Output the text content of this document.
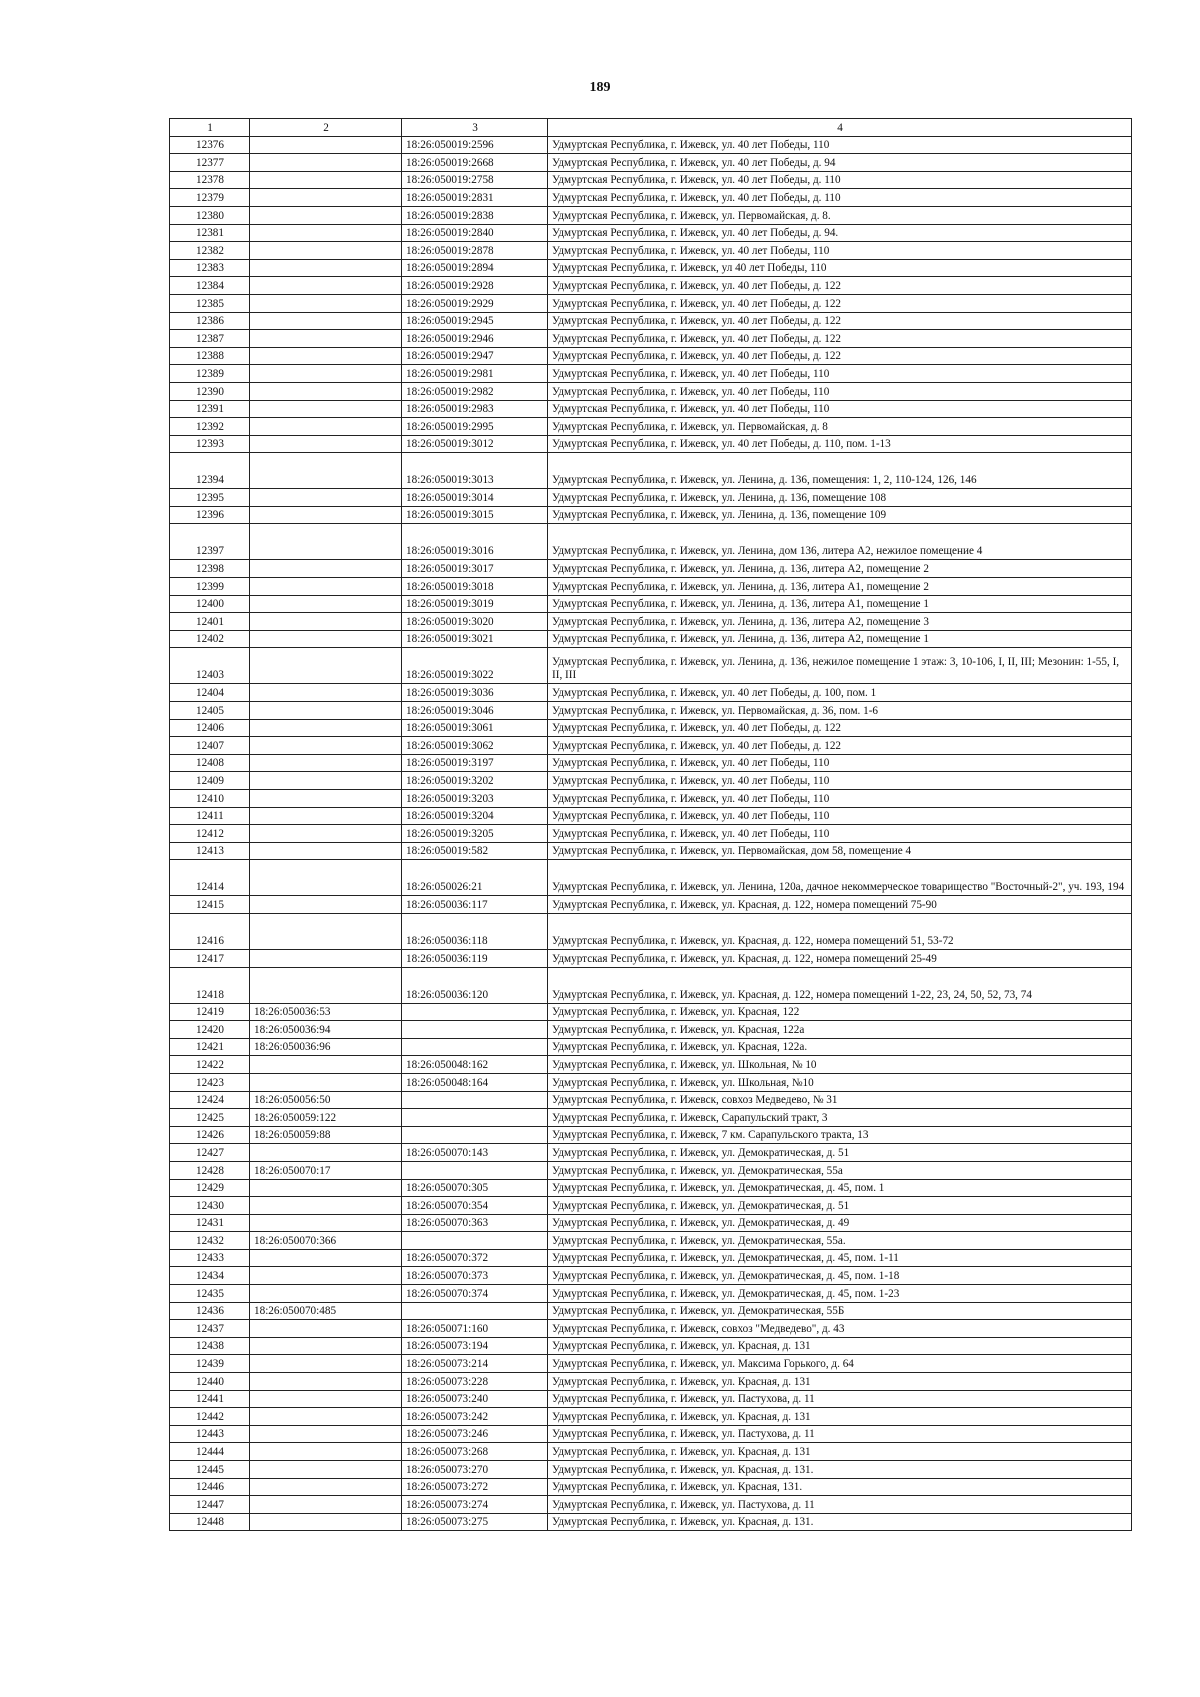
189
1	2	3	4
12376		18:26:050019:2596	Удмуртская Республика, г. Ижевск, ул. 40 лет Победы, 110
12377		18:26:050019:2668	Удмуртская Республика, г. Ижевск, ул. 40 лет Победы, д. 94
12378		18:26:050019:2758	Удмуртская Республика, г. Ижевск, ул. 40 лет Победы, д. 110
12379		18:26:050019:2831	Удмуртская Республика, г. Ижевск, ул. 40 лет Победы, д. 110
12380		18:26:050019:2838	Удмуртская Республика, г. Ижевск, ул. Первомайская, д. 8.
12381		18:26:050019:2840	Удмуртская Республика, г. Ижевск, ул. 40 лет Победы, д. 94.
12382		18:26:050019:2878	Удмуртская Республика, г. Ижевск, ул. 40 лет Победы, 110
12383		18:26:050019:2894	Удмуртская Республика, г. Ижевск, ул 40 лет Победы, 110
12384		18:26:050019:2928	Удмуртская Республика, г. Ижевск, ул. 40 лет Победы, д. 122
12385		18:26:050019:2929	Удмуртская Республика, г. Ижевск, ул. 40 лет Победы, д. 122
12386		18:26:050019:2945	Удмуртская Республика, г. Ижевск, ул. 40 лет Победы, д. 122
12387		18:26:050019:2946	Удмуртская Республика, г. Ижевск, ул. 40 лет Победы, д. 122
12388		18:26:050019:2947	Удмуртская Республика, г. Ижевск, ул. 40 лет Победы, д. 122
12389		18:26:050019:2981	Удмуртская Республика, г. Ижевск, ул. 40 лет Победы, 110
12390		18:26:050019:2982	Удмуртская Республика, г. Ижевск, ул. 40 лет Победы, 110
12391		18:26:050019:2983	Удмуртская Республика, г. Ижевск, ул. 40 лет Победы, 110
12392		18:26:050019:2995	Удмуртская Республика, г. Ижевск, ул. Первомайская, д. 8
12393		18:26:050019:3012	Удмуртская Республика, г. Ижевск, ул. 40 лет Победы, д. 110, пом. 1-13
12394		18:26:050019:3013	Удмуртская Республика, г. Ижевск, ул. Ленина, д. 136, помещения: 1, 2, 110-124, 126, 146
12395		18:26:050019:3014	Удмуртская Республика, г. Ижевск, ул. Ленина, д. 136, помещение 108
12396		18:26:050019:3015	Удмуртская Республика, г. Ижевск, ул. Ленина, д. 136, помещение 109
12397		18:26:050019:3016	Удмуртская Республика, г. Ижевск, ул. Ленина, дом 136, литера А2, нежилое помещение 4
12398		18:26:050019:3017	Удмуртская Республика, г. Ижевск, ул. Ленина, д. 136, литера А2, помещение 2
12399		18:26:050019:3018	Удмуртская Республика, г. Ижевск, ул. Ленина, д. 136, литера А1, помещение 2
12400		18:26:050019:3019	Удмуртская Республика, г. Ижевск, ул. Ленина, д. 136, литера А1, помещение 1
12401		18:26:050019:3020	Удмуртская Республика, г. Ижевск, ул. Ленина, д. 136, литера А2, помещение 3
12402		18:26:050019:3021	Удмуртская Республика, г. Ижевск, ул. Ленина, д. 136, литера А2, помещение 1
12403		18:26:050019:3022	Удмуртская Республика, г. Ижевск, ул. Ленина, д. 136, нежилое помещение 1 этаж: 3, 10-106, I, II, III; Мезонин: 1-55, I, II, III
12404		18:26:050019:3036	Удмуртская Республика, г. Ижевск, ул. 40 лет Победы, д. 100, пом. 1
12405		18:26:050019:3046	Удмуртская Республика, г. Ижевск, ул. Первомайская, д. 36, пом. 1-6
12406		18:26:050019:3061	Удмуртская Республика, г. Ижевск, ул. 40 лет Победы, д. 122
12407		18:26:050019:3062	Удмуртская Республика, г. Ижевск, ул. 40 лет Победы, д. 122
12408		18:26:050019:3197	Удмуртская Республика, г. Ижевск, ул. 40 лет Победы, 110
12409		18:26:050019:3202	Удмуртская Республика, г. Ижевск, ул. 40 лет Победы, 110
12410		18:26:050019:3203	Удмуртская Республика, г. Ижевск, ул. 40 лет Победы, 110
12411		18:26:050019:3204	Удмуртская Республика, г. Ижевск, ул. 40 лет Победы, 110
12412		18:26:050019:3205	Удмуртская Республика, г. Ижевск, ул. 40 лет Победы, 110
12413		18:26:050019:582	Удмуртская Республика, г. Ижевск, ул. Первомайская, дом 58, помещение 4
12414		18:26:050026:21	Удмуртская Республика, г. Ижевск, ул. Ленина, 120а, дачное некоммерческое товарищество "Восточный-2", уч. 193, 194
12415		18:26:050036:117	Удмуртская Республика, г. Ижевск, ул. Красная, д. 122, номера помещений 75-90
12416		18:26:050036:118	Удмуртская Республика, г. Ижевск, ул. Красная, д. 122, номера помещений 51, 53-72
12417		18:26:050036:119	Удмуртская Республика, г. Ижевск, ул. Красная, д. 122, номера помещений 25-49
12418		18:26:050036:120	Удмуртская Республика, г. Ижевск, ул. Красная, д. 122, номера помещений 1-22, 23, 24, 50, 52, 73, 74
12419	18:26:050036:53		Удмуртская Республика, г. Ижевск, ул. Красная, 122
12420	18:26:050036:94		Удмуртская Республика, г. Ижевск, ул. Красная, 122а
12421	18:26:050036:96		Удмуртская Республика, г. Ижевск, ул. Красная, 122а.
12422		18:26:050048:162	Удмуртская Республика, г. Ижевск, ул. Школьная, № 10
12423		18:26:050048:164	Удмуртская Республика, г. Ижевск, ул. Школьная, №10
12424	18:26:050056:50		Удмуртская Республика, г. Ижевск, совхоз Медведево, № 31
12425	18:26:050059:122		Удмуртская Республика, г. Ижевск, Сарапульский тракт, 3
12426	18:26:050059:88		Удмуртская Республика, г. Ижевск, 7 км. Сарапульского тракта, 13
12427		18:26:050070:143	Удмуртская Республика, г. Ижевск, ул. Демократическая, д. 51
12428	18:26:050070:17		Удмуртская Республика, г. Ижевск, ул. Демократическая, 55а
12429		18:26:050070:305	Удмуртская Республика, г. Ижевск, ул. Демократическая, д. 45, пом. 1
12430		18:26:050070:354	Удмуртская Республика, г. Ижевск, ул. Демократическая, д. 51
12431		18:26:050070:363	Удмуртская Республика, г. Ижевск, ул. Демократическая, д. 49
12432	18:26:050070:366		Удмуртская Республика, г. Ижевск, ул. Демократическая, 55а.
12433		18:26:050070:372	Удмуртская Республика, г. Ижевск, ул. Демократическая, д. 45, пом. 1-11
12434		18:26:050070:373	Удмуртская Республика, г. Ижевск, ул. Демократическая, д. 45, пом. 1-18
12435		18:26:050070:374	Удмуртская Республика, г. Ижевск, ул. Демократическая, д. 45, пом. 1-23
12436	18:26:050070:485		Удмуртская Республика, г. Ижевск, ул. Демократическая, 55Б
12437		18:26:050071:160	Удмуртская Республика, г. Ижевск, совхоз "Медведево", д. 43
12438		18:26:050073:194	Удмуртская Республика, г. Ижевск, ул. Красная, д. 131
12439		18:26:050073:214	Удмуртская Республика, г. Ижевск, ул. Максима Горького, д. 64
12440		18:26:050073:228	Удмуртская Республика, г. Ижевск, ул. Красная, д. 131
12441		18:26:050073:240	Удмуртская Республика, г. Ижевск, ул. Пастухова, д. 11
12442		18:26:050073:242	Удмуртская Республика, г. Ижевск, ул. Красная, д. 131
12443		18:26:050073:246	Удмуртская Республика, г. Ижевск, ул. Пастухова, д. 11
12444		18:26:050073:268	Удмуртская Республика, г. Ижевск, ул. Красная, д. 131
12445		18:26:050073:270	Удмуртская Республика, г. Ижевск, ул. Красная, д. 131.
12446		18:26:050073:272	Удмуртская Республика, г. Ижевск, ул. Красная, 131.
12447		18:26:050073:274	Удмуртская Республика, г. Ижевск, ул. Пастухова, д. 11
12448		18:26:050073:275	Удмуртская Республика, г. Ижевск, ул. Красная, д. 131.
